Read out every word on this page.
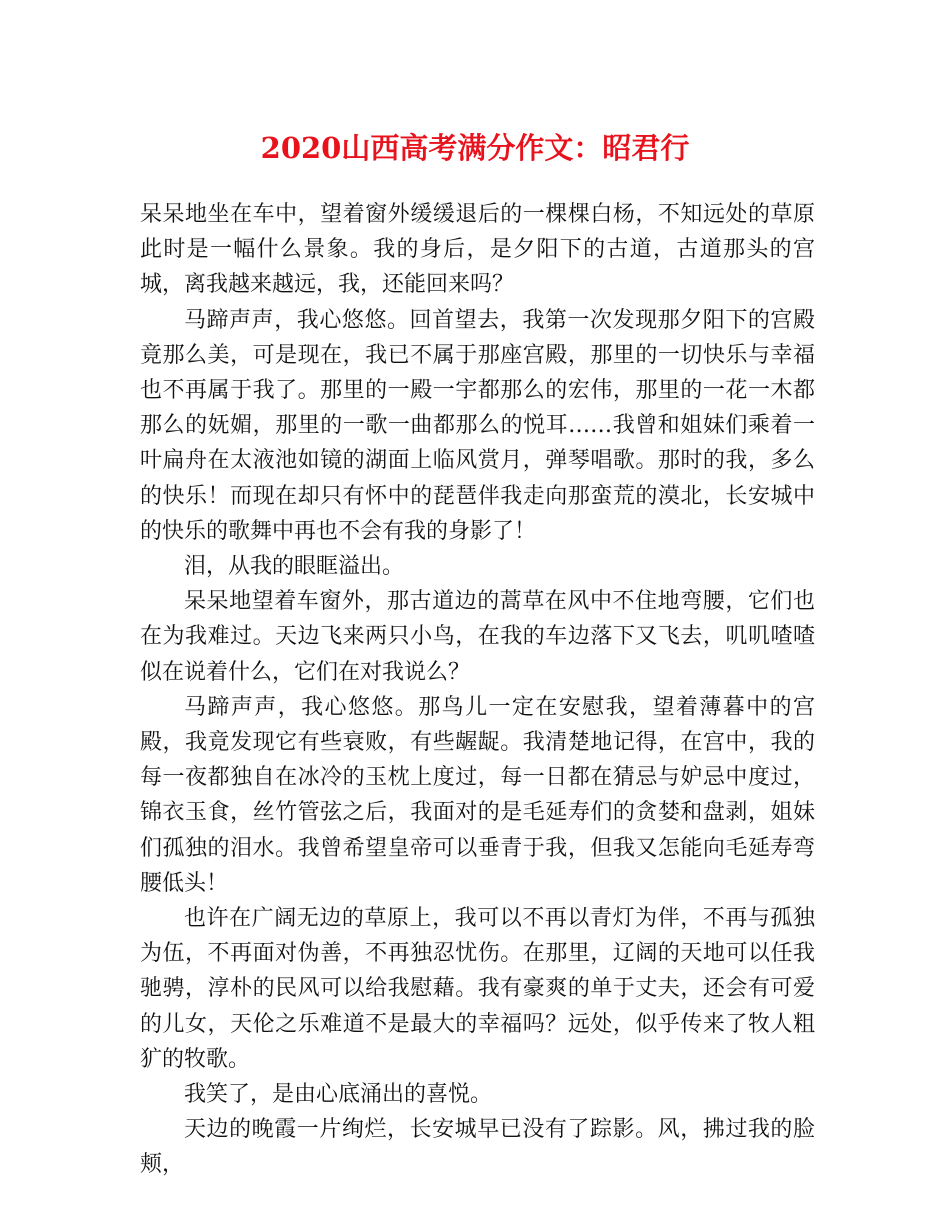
2020山西高考满分作文：昭君行

呆呆地坐在车中，望着窗外缓缓退后的一棵棵白杨，不知远处的草原此时是一幅什么景象。我的身后，是夕阳下的古道，古道那头的宫城，离我越来越远，我，还能回来吗？

马蹄声声，我心悠悠。回首望去，我第一次发现那夕阳下的宫殿竟那么美，可是现在，我已不属于那座宫殿，那里的一切快乐与幸福也不再属于我了。那里的一殿一宇都那么的宏伟，那里的一花一木都那么的妩媚，那里的一歌一曲都那么的悦耳……我曾和姐妹们乘着一叶扁舟在太液池如镜的湖面上临风赏月，弹琴唱歌。那时的我，多么的快乐！而现在却只有怀中的琵琶伴我走向那蛮荒的漠北，长安城中的快乐的歌舞中再也不会有我的身影了！

泪，从我的眼眶溢出。

呆呆地望着车窗外，那古道边的蒿草在风中不住地弯腰，它们也在为我难过。天边飞来两只小鸟，在我的车边落下又飞去，叽叽喳喳似在说着什么，它们在对我说么？

马蹄声声，我心悠悠。那鸟儿一定在安慰我，望着薄暮中的宫殿，我竟发现它有些衰败，有些龌龊。我清楚地记得，在宫中，我的每一夜都独自在冰冷的玉枕上度过，每一日都在猜忌与妒忌中度过，锦衣玉食，丝竹管弦之后，我面对的是毛延寿们的贪婪和盘剥，姐妹们孤独的泪水。我曾希望皇帝可以垂青于我，但我又怎能向毛延寿弯腰低头！

也许在广阔无边的草原上，我可以不再以青灯为伴，不再与孤独为伍，不再面对伪善，不再独忍忧伤。在那里，辽阔的天地可以任我驰骋，淳朴的民风可以给我慰藉。我有豪爽的单于丈夫，还会有可爱的儿女，天伦之乐难道不是最大的幸福吗？远处，似乎传来了牧人粗犷的牧歌。

我笑了，是由心底涌出的喜悦。

天边的晚霞一片绚烂，长安城早已没有了踪影。风，拂过我的脸颊，
